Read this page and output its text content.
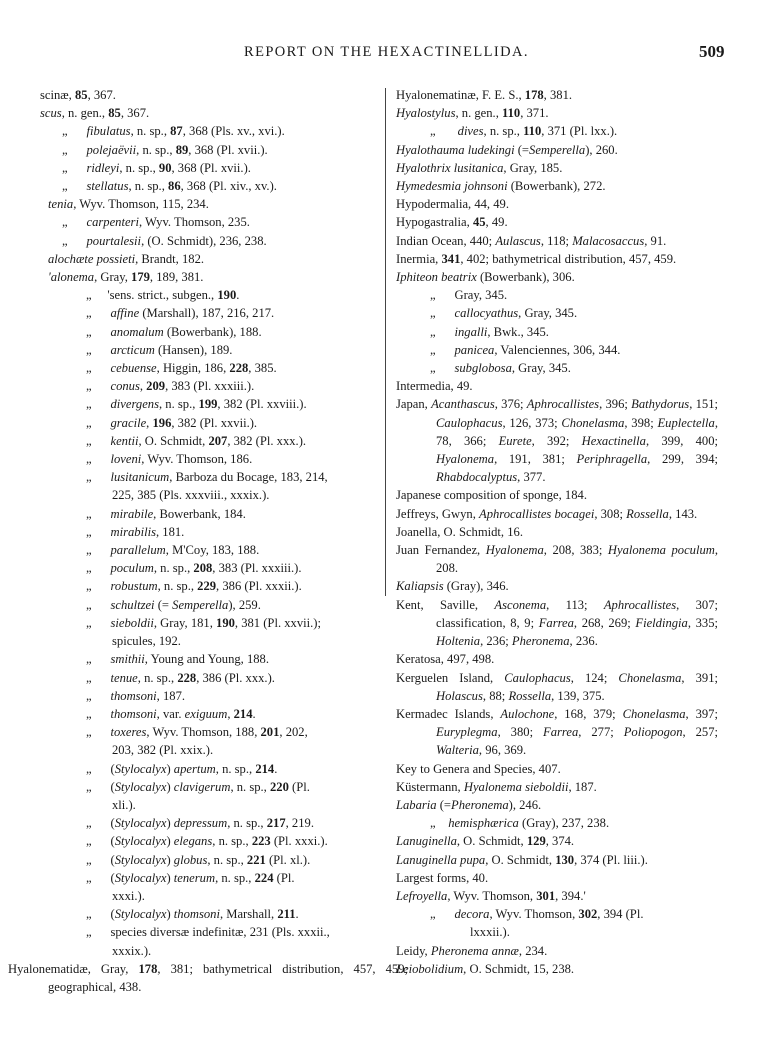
REPORT ON THE HEXACTINELLIDA.	509
scinæ, 85, 367.
scus, n. gen., 85, 367.
„      fibulatus, n. sp., 87, 368 (Pls. xv., xvi.).
„      polejaëvii, n. sp., 89, 368 (Pl. xvii.).
„      ridleyi, n. sp., 90, 368 (Pl. xvii.).
„      stellatus, n. sp., 86, 368 (Pl. xiv., xv.).
tenia, Wyv. Thomson, 115, 234.
„      carpenteri, Wyv. Thomson, 235.
„      pourtalesii, (O. Schmidt), 236, 238.
alochæte possieti, Brandt, 182.
'alonema, Gray, 179, 189, 381.
„     'sens. strict., subgen., 190.
„      affine (Marshall), 187, 216, 217.
„      anomalum (Bowerbank), 188.
„      arcticum (Hansen), 189.
„      cebuense, Higgin, 186, 228, 385.
„      conus, 209, 383 (Pl. xxxiii.).
„      divergens, n. sp., 199, 382 (Pl. xxviii.).
„      gracile, 196, 382 (Pl. xxvii.).
„      kentii, O. Schmidt, 207, 382 (Pl. xxx.).
„      loveni, Wyv. Thomson, 186.
„      lusitanicum, Barboza du Bocage, 183, 214,
225, 385 (Pls. xxxviii., xxxix.).
„      mirabile, Bowerbank, 184.
„      mirabilis, 181.
„      parallelum, M'Coy, 183, 188.
„      poculum, n. sp., 208, 383 (Pl. xxxiii.).
„      robustum, n. sp., 229, 386 (Pl. xxxii.).
„      schultzei (= Semperella), 259.
„      sieboldii, Gray, 181, 190, 381 (Pl. xxvii.);
spicules, 192.
„      smithii, Young and Young, 188.
„      tenue, n. sp., 228, 386 (Pl. xxx.).
„      thomsoni, 187.
„      thomsoni, var. exiguum, 214.
„      toxeres, Wyv. Thomson, 188, 201, 202,
203, 382 (Pl. xxix.).
„      (Stylocalyx) apertum, n. sp., 214.
„      (Stylocalyx) clavigerum, n. sp., 220 (Pl.
xli.).
„      (Stylocalyx) depressum, n. sp., 217, 219.
„      (Stylocalyx) elegans, n. sp., 223 (Pl. xxxi.).
„      (Stylocalyx) globus, n. sp., 221 (Pl. xl.).
„      (Stylocalyx) tenerum, n. sp., 224 (Pl.
xxxi.).
„      (Stylocalyx) thomsoni, Marshall, 211.
„      species diversæ indefinitæ, 231 (Pls. xxxii.,
xxxix.).
Hyalonematidæ, Gray, 178, 381; bathymetrical distribution, 457, 459; geographical, 438.
Hyalonematinæ, F. E. S., 178, 381.
Hyalostylus, n. gen., 110, 371.
„       dives, n. sp., 110, 371 (Pl. lxx.).
Hyalothauma ludekingi (=Semperella), 260.
Hyalothrix lusitanica, Gray, 185.
Hymedesmia johnsoni (Bowerbank), 272.
Hypodermalia, 44, 49.
Hypogastralia, 45, 49.
Indian Ocean, 440; Aulascus, 118; Malacosaccus, 91.
Inermia, 341, 402; bathymetrical distribution, 457, 459.
Iphiteon beatrix (Bowerbank), 306.
„      Gray, 345.
„      callocyathus, Gray, 345.
„      ingalli, Bwk., 345.
„      panicea, Valenciennes, 306, 344.
„      subglobosa, Gray, 345.
Intermedia, 49.
Japan, Acanthascus, 376; Aphrocallistes, 396; Bathydorus, 151; Caulophacus, 126, 373; Chonelasma, 398; Euplectella, 78, 366; Eurete, 392; Hexactinella, 399, 400; Hyalonema, 191, 381; Periphragella, 299, 394; Rhabdocalyptus, 377.
Japanese composition of sponge, 184.
Jeffreys, Gwyn, Aphrocallistes bocagei, 308; Rossella, 143.
Joanella, O. Schmidt, 16.
Juan Fernandez, Hyalonema, 208, 383; Hyalonema poculum, 208.
Kaliapsis (Gray), 346.
Kent, Saville, Asconema, 113; Aphrocallistes, 307; classification, 8, 9; Farrea, 268, 269; Fieldingia, 335; Holtenia, 236; Pheronema, 236.
Keratosa, 497, 498.
Kerguelen Island, Caulophacus, 124; Chonelasma, 391; Holascus, 88; Rossella, 139, 375.
Kermadec Islands, Aulochone, 168, 379; Chonelasma, 397; Euryplegma, 380; Farrea, 277; Poliopogon, 257; Walteria, 96, 369.
Key to Genera and Species, 407.
Küstermann, Hyalonema sieboldii, 187.
Labaria (=Pheronema), 246.
„    hemisphærica (Gray), 237, 238.
Lanuginella, O. Schmidt, 129, 374.
Lanuginella pupa, O. Schmidt, 130, 374 (Pl. liii.).
Largest forms, 40.
Lefroyella, Wyv. Thomson, 301, 394.'
„      decora, Wyv. Thomson, 302, 394 (Pl.
lxxxii.).
Leidy, Pheronema annæ, 234.
Leiobolidium, O. Schmidt, 15, 238.
